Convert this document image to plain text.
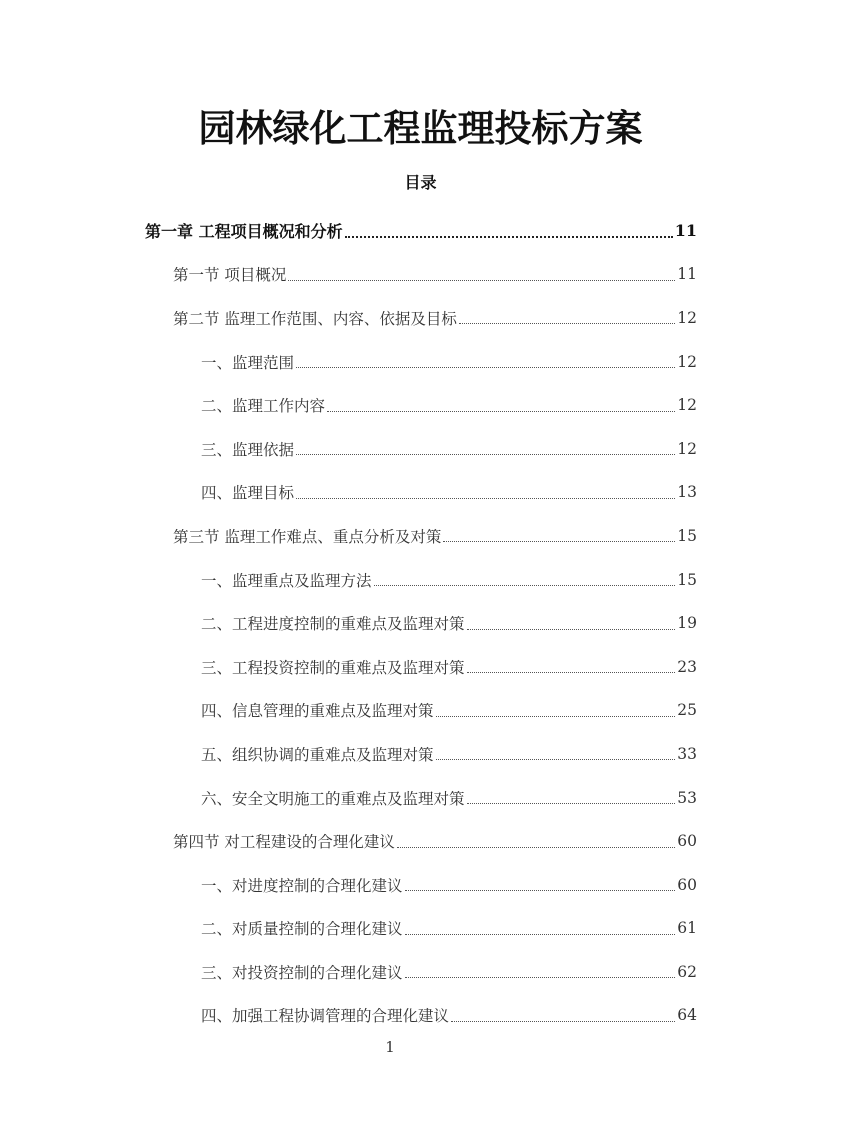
园林绿化工程监理投标方案
目录
第一章 工程项目概况和分析	11
第一节 项目概况	11
第二节 监理工作范围、内容、依据及目标	12
一、监理范围	12
二、监理工作内容	12
三、监理依据	12
四、监理目标	13
第三节 监理工作难点、重点分析及对策	15
一、监理重点及监理方法	15
二、工程进度控制的重难点及监理对策	19
三、工程投资控制的重难点及监理对策	23
四、信息管理的重难点及监理对策	25
五、组织协调的重难点及监理对策	33
六、安全文明施工的重难点及监理对策	53
第四节 对工程建设的合理化建议	60
一、对进度控制的合理化建议	60
二、对质量控制的合理化建议	61
三、对投资控制的合理化建议	62
四、加强工程协调管理的合理化建议	64
1
